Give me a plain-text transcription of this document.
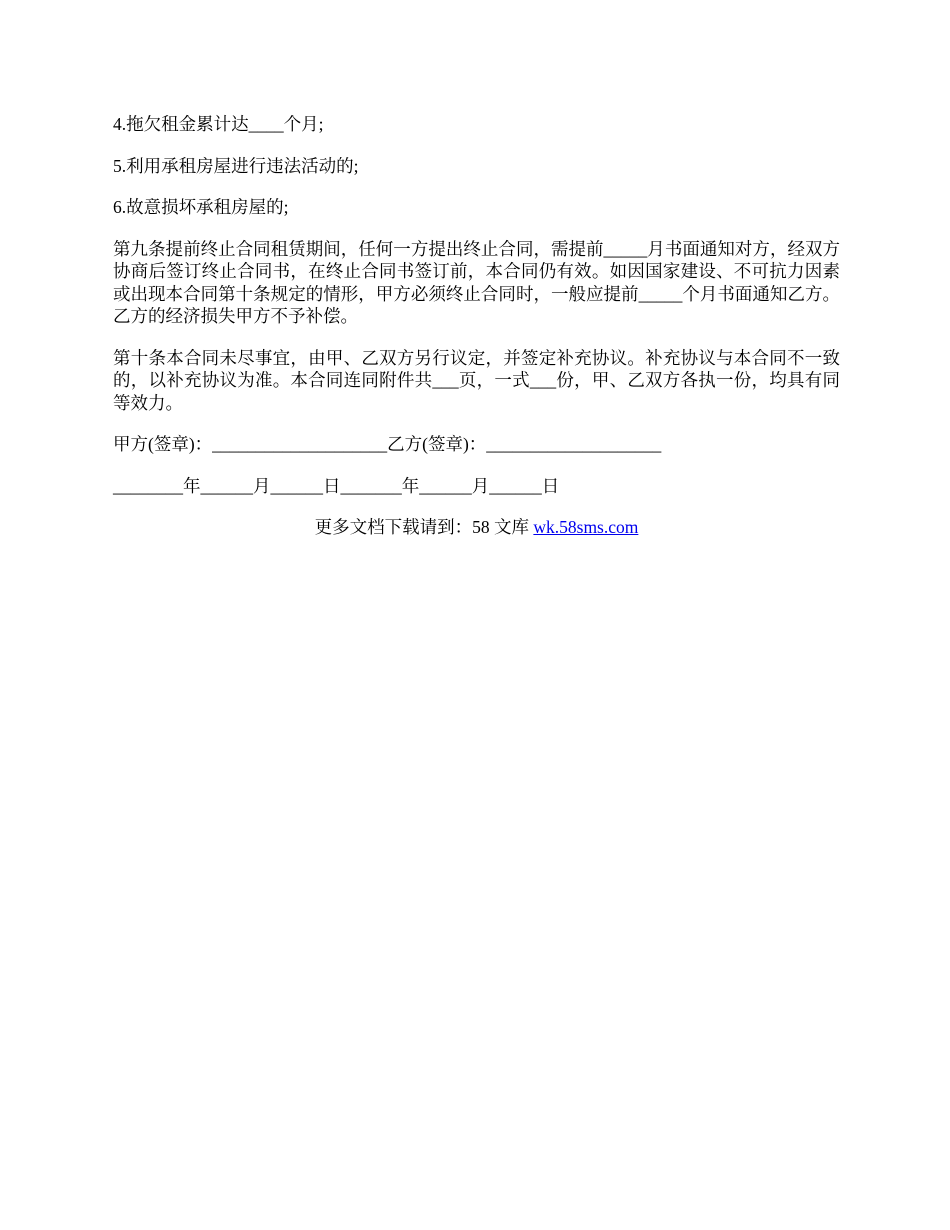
4.拖欠租金累计达____个月;

5.利用承租房屋进行违法活动的;

6.故意损坏承租房屋的;

第九条提前终止合同租赁期间，任何一方提出终止合同，需提前_____月书面通知对方，经双方协商后签订终止合同书，在终止合同书签订前，本合同仍有效。如因国家建设、不可抗力因素或出现本合同第十条规定的情形，甲方必须终止合同时，一般应提前_____个月书面通知乙方。乙方的经济损失甲方不予补偿。

第十条本合同未尽事宜，由甲、乙双方另行议定，并签定补充协议。补充协议与本合同不一致的，以补充协议为准。本合同连同附件共___页，一式___份，甲、乙双方各执一份，均具有同等效力。

甲方(签章)：____________________乙方(签章)：____________________

________年______月______日_______年______月______日

更多文档下载请到：58 文库 wk.58sms.com
